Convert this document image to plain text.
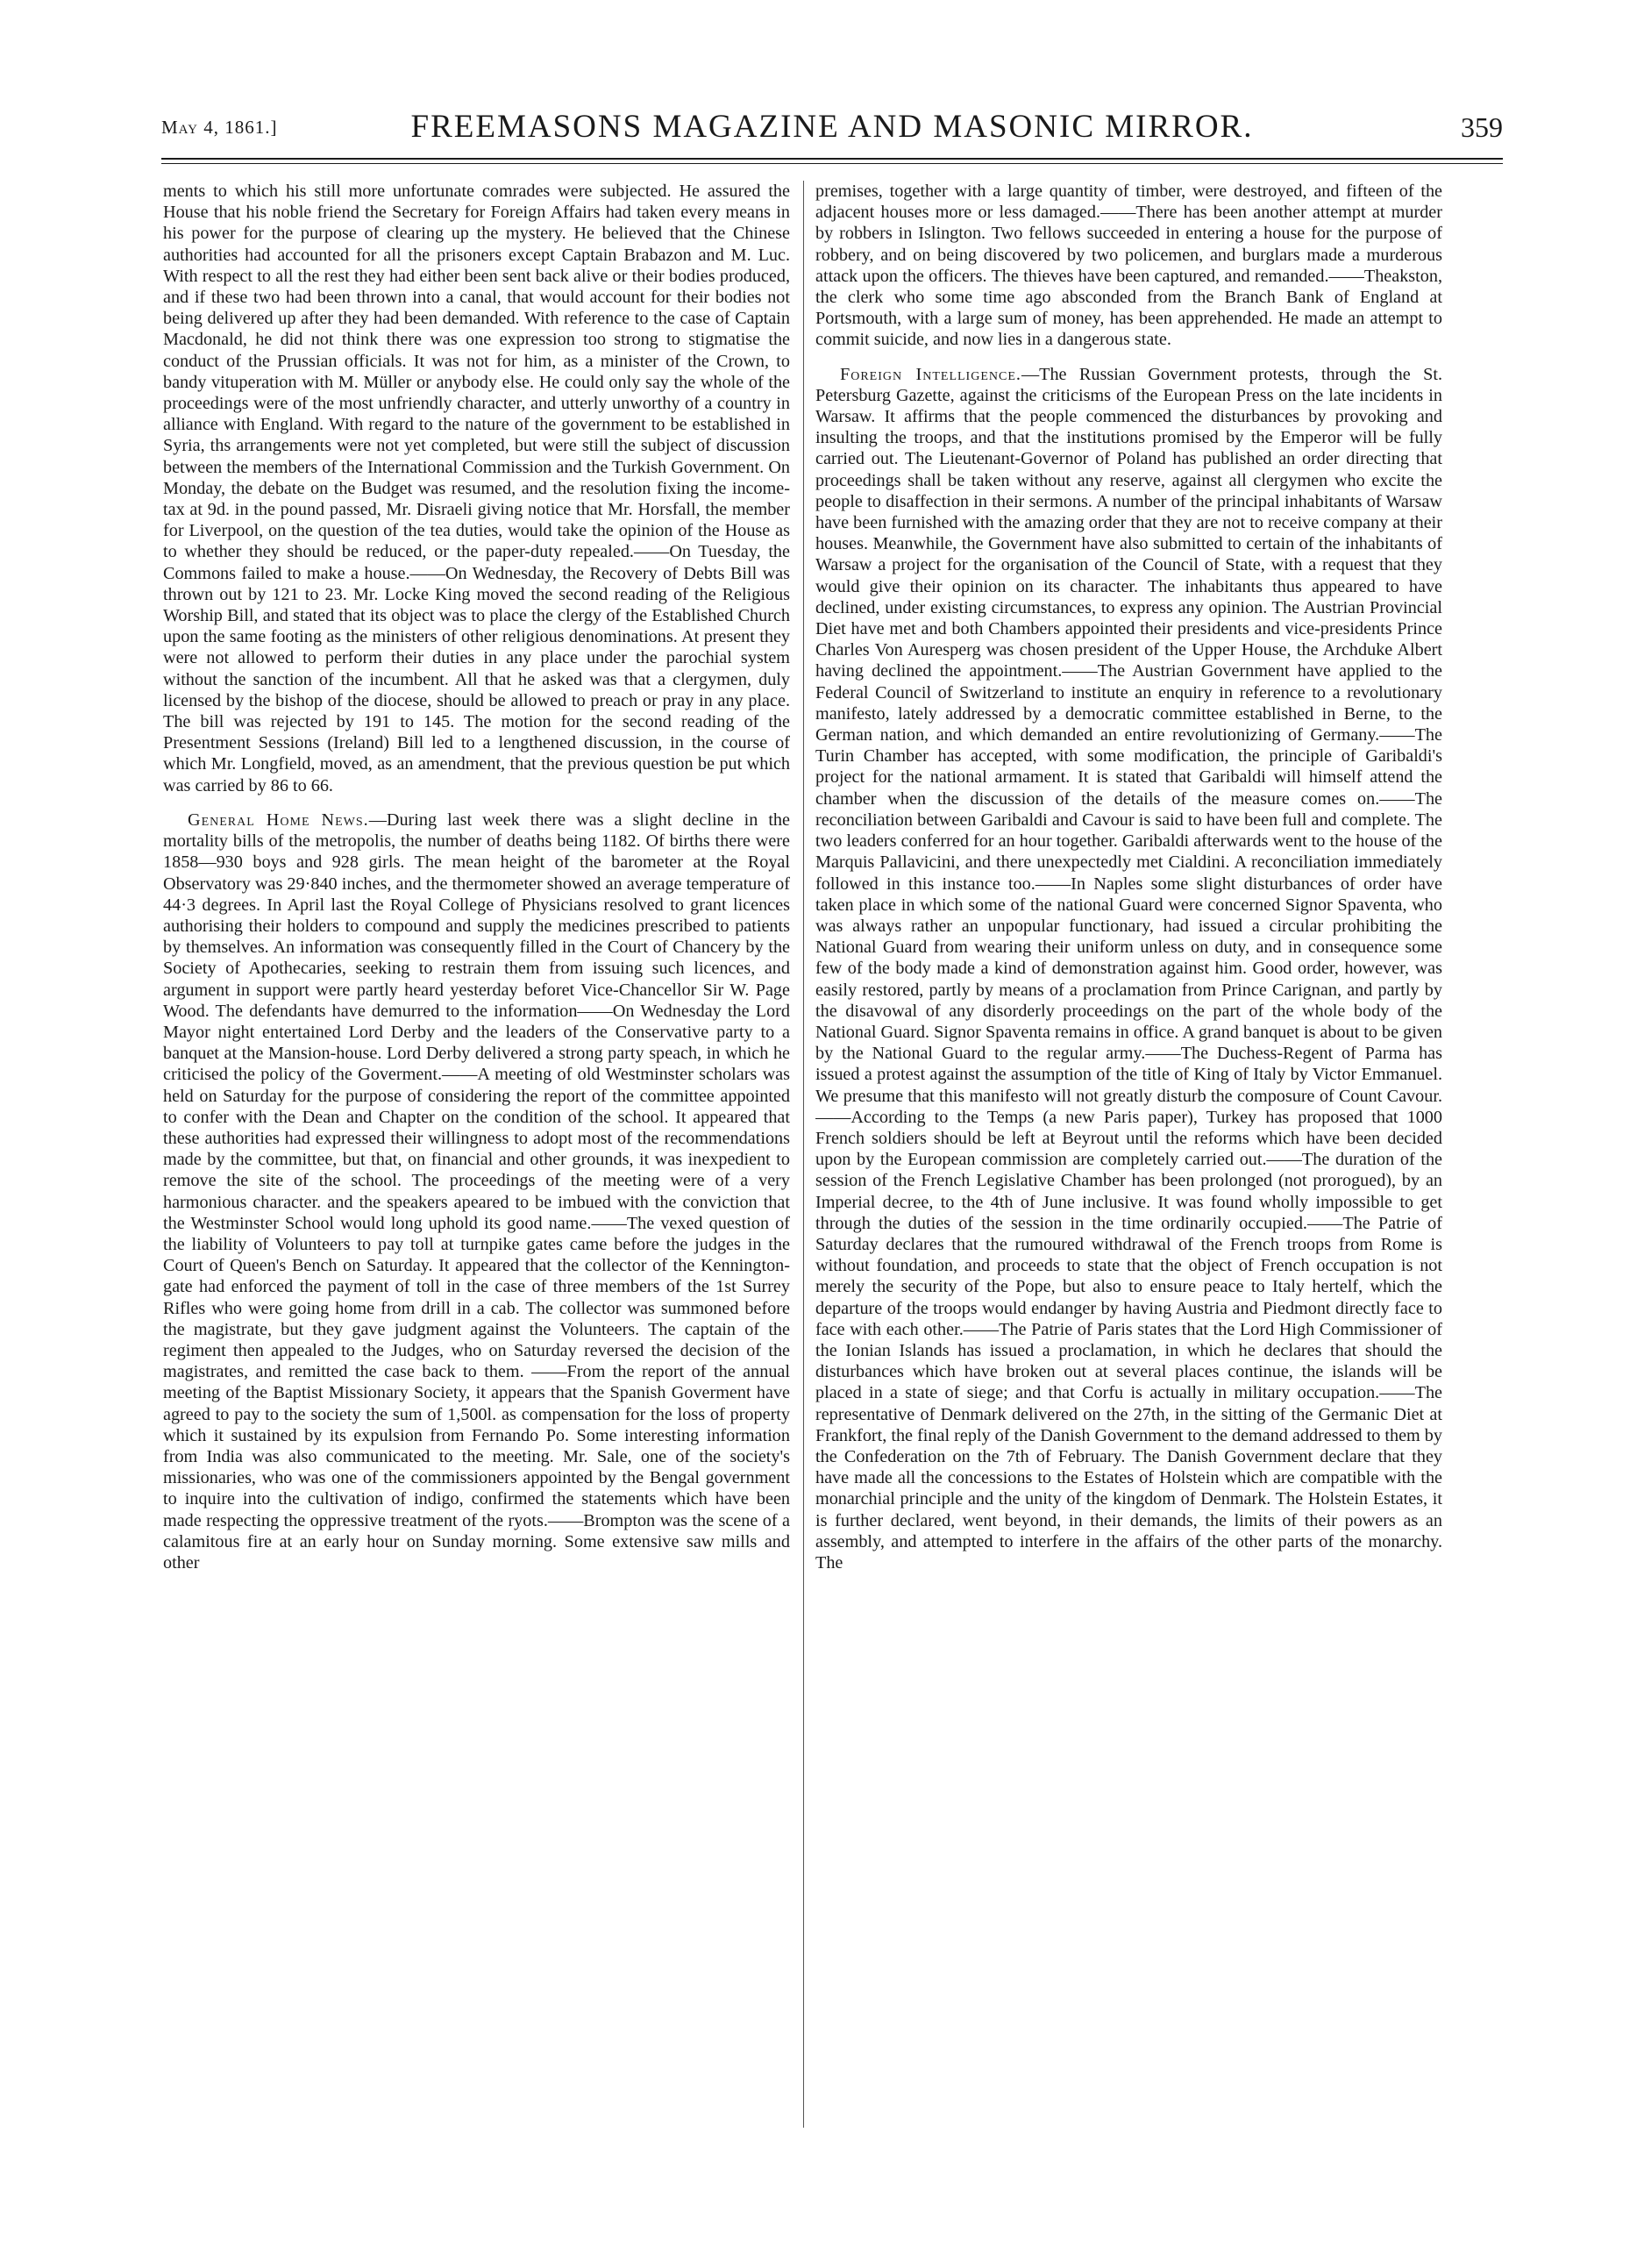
May 4, 1861.]	FREEMASONS MAGAZINE AND MASONIC MIRROR.	359

ments to which his still more unfortunate comrades were subjected. He assured the House that his noble friend the Secretary for Foreign Affairs had taken every means in his power for the purpose of clearing up the mystery. He believed that the Chinese authorities had accounted for all the prisoners except Captain Brabazon and M. Luc. With respect to all the rest they had either been sent back alive or their bodies produced, and if these two had been thrown into a canal, that would account for their bodies not being delivered up after they had been demanded. With reference to the case of Captain Macdonald, he did not think there was one expression too strong to stigmatise the conduct of the Prussian officials. It was not for him, as a minister of the Crown, to bandy vituperation with M. Müller or anybody else. He could only say the whole of the proceedings were of the most unfriendly character, and utterly unworthy of a country in alliance with England. With regard to the nature of the government to be established in Syria, ths arrangements were not yet completed, but were still the subject of discussion between the members of the International Commission and the Turkish Government. On Monday, the debate on the Budget was resumed, and the resolution fixing the income-tax at 9d. in the pound passed, Mr. Disraeli giving notice that Mr. Horsfall, the member for Liverpool, on the question of the tea duties, would take the opinion of the House as to whether they should be reduced, or the paper-duty repealed.——On Tuesday, the Commons failed to make a house.——On Wednesday, the Recovery of Debts Bill was thrown out by 121 to 23. Mr. Locke King moved the second reading of the Religious Worship Bill, and stated that its object was to place the clergy of the Established Church upon the same footing as the ministers of other religious denominations. At present they were not allowed to perform their duties in any place under the parochial system without the sanction of the incumbent. All that he asked was that a clergymen, duly licensed by the bishop of the diocese, should be allowed to preach or pray in any place. The bill was rejected by 191 to 145. The motion for the second reading of the Presentment Sessions (Ireland) Bill led to a lengthened discussion, in the course of which Mr. Longfield, moved, as an amendment, that the previous question be put which was carried by 86 to 66.

General Home News.—During last week there was a slight decline in the mortality bills of the metropolis, the number of deaths being 1182. Of births there were 1858—930 boys and 928 girls. The mean height of the barometer at the Royal Observatory was 29·840 inches, and the thermometer showed an average temperature of 44·3 degrees. In April last the Royal College of Physicians resolved to grant licences authorising their holders to compound and supply the medicines prescribed to patients by themselves. An information was consequently filled in the Court of Chancery by the Society of Apothecaries, seeking to restrain them from issuing such licences, and argument in support were partly heard yesterday beforet Vice-Chancellor Sir W. Page Wood. The defendants have demurred to the information——On Wednesday the Lord Mayor night entertained Lord Derby and the leaders of the Conservative party to a banquet at the Mansion-house. Lord Derby delivered a strong party speach, in which he criticised the policy of the Goverment.——A meeting of old Westminster scholars was held on Saturday for the purpose of considering the report of the committee appointed to confer with the Dean and Chapter on the condition of the school. It appeared that these authorities had expressed their willingness to adopt most of the recommendations made by the committee, but that, on financial and other grounds, it was inexpedient to remove the site of the school. The proceedings of the meeting were of a very harmonious character. and the speakers apeared to be imbued with the conviction that the Westminster School would long uphold its good name.——The vexed question of the liability of Volunteers to pay toll at turnpike gates came before the judges in the Court of Queen's Bench on Saturday. It appeared that the collector of the Kennington-gate had enforced the payment of toll in the case of three members of the 1st Surrey Rifles who were going home from drill in a cab. The collector was summoned before the magistrate, but they gave judgment against the Volunteers. The captain of the regiment then appealed to the Judges, who on Saturday reversed the decision of the magistrates, and remitted the case back to them. ——From the report of the annual meeting of the Baptist Missionary Society, it appears that the Spanish Goverment have agreed to pay to the society the sum of 1,500l. as compensation for the loss of property which it sustained by its expulsion from Fernando Po. Some interesting information from India was also communicated to the meeting. Mr. Sale, one of the society's missionaries, who was one of the commissioners appointed by the Bengal government to inquire into the cultivation of indigo, confirmed the statements which have been made respecting the oppressive treatment of the ryots.——Brompton was the scene of a calamitous fire at an early hour on Sunday morning. Some extensive saw mills and other

premises, together with a large quantity of timber, were destroyed, and fifteen of the adjacent houses more or less damaged.——There has been another attempt at murder by robbers in Islington. Two fellows succeeded in entering a house for the purpose of robbery, and on being discovered by two policemen, and burglars made a murderous attack upon the officers. The thieves have been captured, and remanded.——Theakston, the clerk who some time ago absconded from the Branch Bank of England at Portsmouth, with a large sum of money, has been apprehended. He made an attempt to commit suicide, and now lies in a dangerous state.

Foreign Intelligence.—The Russian Government protests, through the St. Petersburg Gazette, against the criticisms of the European Press on the late incidents in Warsaw. It affirms that the people commenced the disturbances by provoking and insulting the troops, and that the institutions promised by the Emperor will be fully carried out. The Lieutenant-Governor of Poland has published an order directing that proceedings shall be taken without any reserve, against all clergymen who excite the people to disaffection in their sermons. A number of the principal inhabitants of Warsaw have been furnished with the amazing order that they are not to receive company at their houses. Meanwhile, the Government have also submitted to certain of the inhabitants of Warsaw a project for the organisation of the Council of State, with a request that they would give their opinion on its character. The inhabitants thus appeared to have declined, under existing circumstances, to express any opinion. The Austrian Provincial Diet have met and both Chambers appointed their presidents and vice-presidents Prince Charles Von Auresperg was chosen president of the Upper House, the Archduke Albert having declined the appointment.——The Austrian Government have applied to the Federal Council of Switzerland to institute an enquiry in reference to a revolutionary manifesto, lately addressed by a democratic committee established in Berne, to the German nation, and which demanded an entire revolutionizing of Germany.——The Turin Chamber has accepted, with some modification, the principle of Garibaldi's project for the national armament. It is stated that Garibaldi will himself attend the chamber when the discussion of the details of the measure comes on.——The reconciliation between Garibaldi and Cavour is said to have been full and complete. The two leaders conferred for an hour together. Garibaldi afterwards went to the house of the Marquis Pallavicini, and there unexpectedly met Cialdini. A reconciliation immediately followed in this instance too.——In Naples some slight disturbances of order have taken place in which some of the national Guard were concerned Signor Spaventa, who was always rather an unpopular functionary, had issued a circular prohibiting the National Guard from wearing their uniform unless on duty, and in consequence some few of the body made a kind of demonstration against him. Good order, however, was easily restored, partly by means of a proclamation from Prince Carignan, and partly by the disavowal of any disorderly proceedings on the part of the whole body of the National Guard. Signor Spaventa remains in office. A grand banquet is about to be given by the National Guard to the regular army.——The Duchess-Regent of Parma has issued a protest against the assumption of the title of King of Italy by Victor Emmanuel. We presume that this manifesto will not greatly disturb the composure of Count Cavour.——According to the Temps (a new Paris paper), Turkey has proposed that 1000 French soldiers should be left at Beyrout until the reforms which have been decided upon by the European commission are completely carried out.——The duration of the session of the French Legislative Chamber has been prolonged (not prorogued), by an Imperial decree, to the 4th of June inclusive. It was found wholly impossible to get through the duties of the session in the time ordinarily occupied.——The Patrie of Saturday declares that the rumoured withdrawal of the French troops from Rome is without foundation, and proceeds to state that the object of French occupation is not merely the security of the Pope, but also to ensure peace to Italy hertelf, which the departure of the troops would endanger by having Austria and Piedmont directly face to face with each other.——The Patrie of Paris states that the Lord High Commissioner of the Ionian Islands has issued a proclamation, in which he declares that should the disturbances which have broken out at several places continue, the islands will be placed in a state of siege; and that Corfu is actually in military occupation.——The representative of Denmark delivered on the 27th, in the sitting of the Germanic Diet at Frankfort, the final reply of the Danish Government to the demand addressed to them by the Confederation on the 7th of February. The Danish Government declare that they have made all the concessions to the Estates of Holstein which are compatible with the monarchial principle and the unity of the kingdom of Denmark. The Holstein Estates, it is further declared, went beyond, in their demands, the limits of their powers as an assembly, and attempted to interfere in the affairs of the other parts of the monarchy. The
